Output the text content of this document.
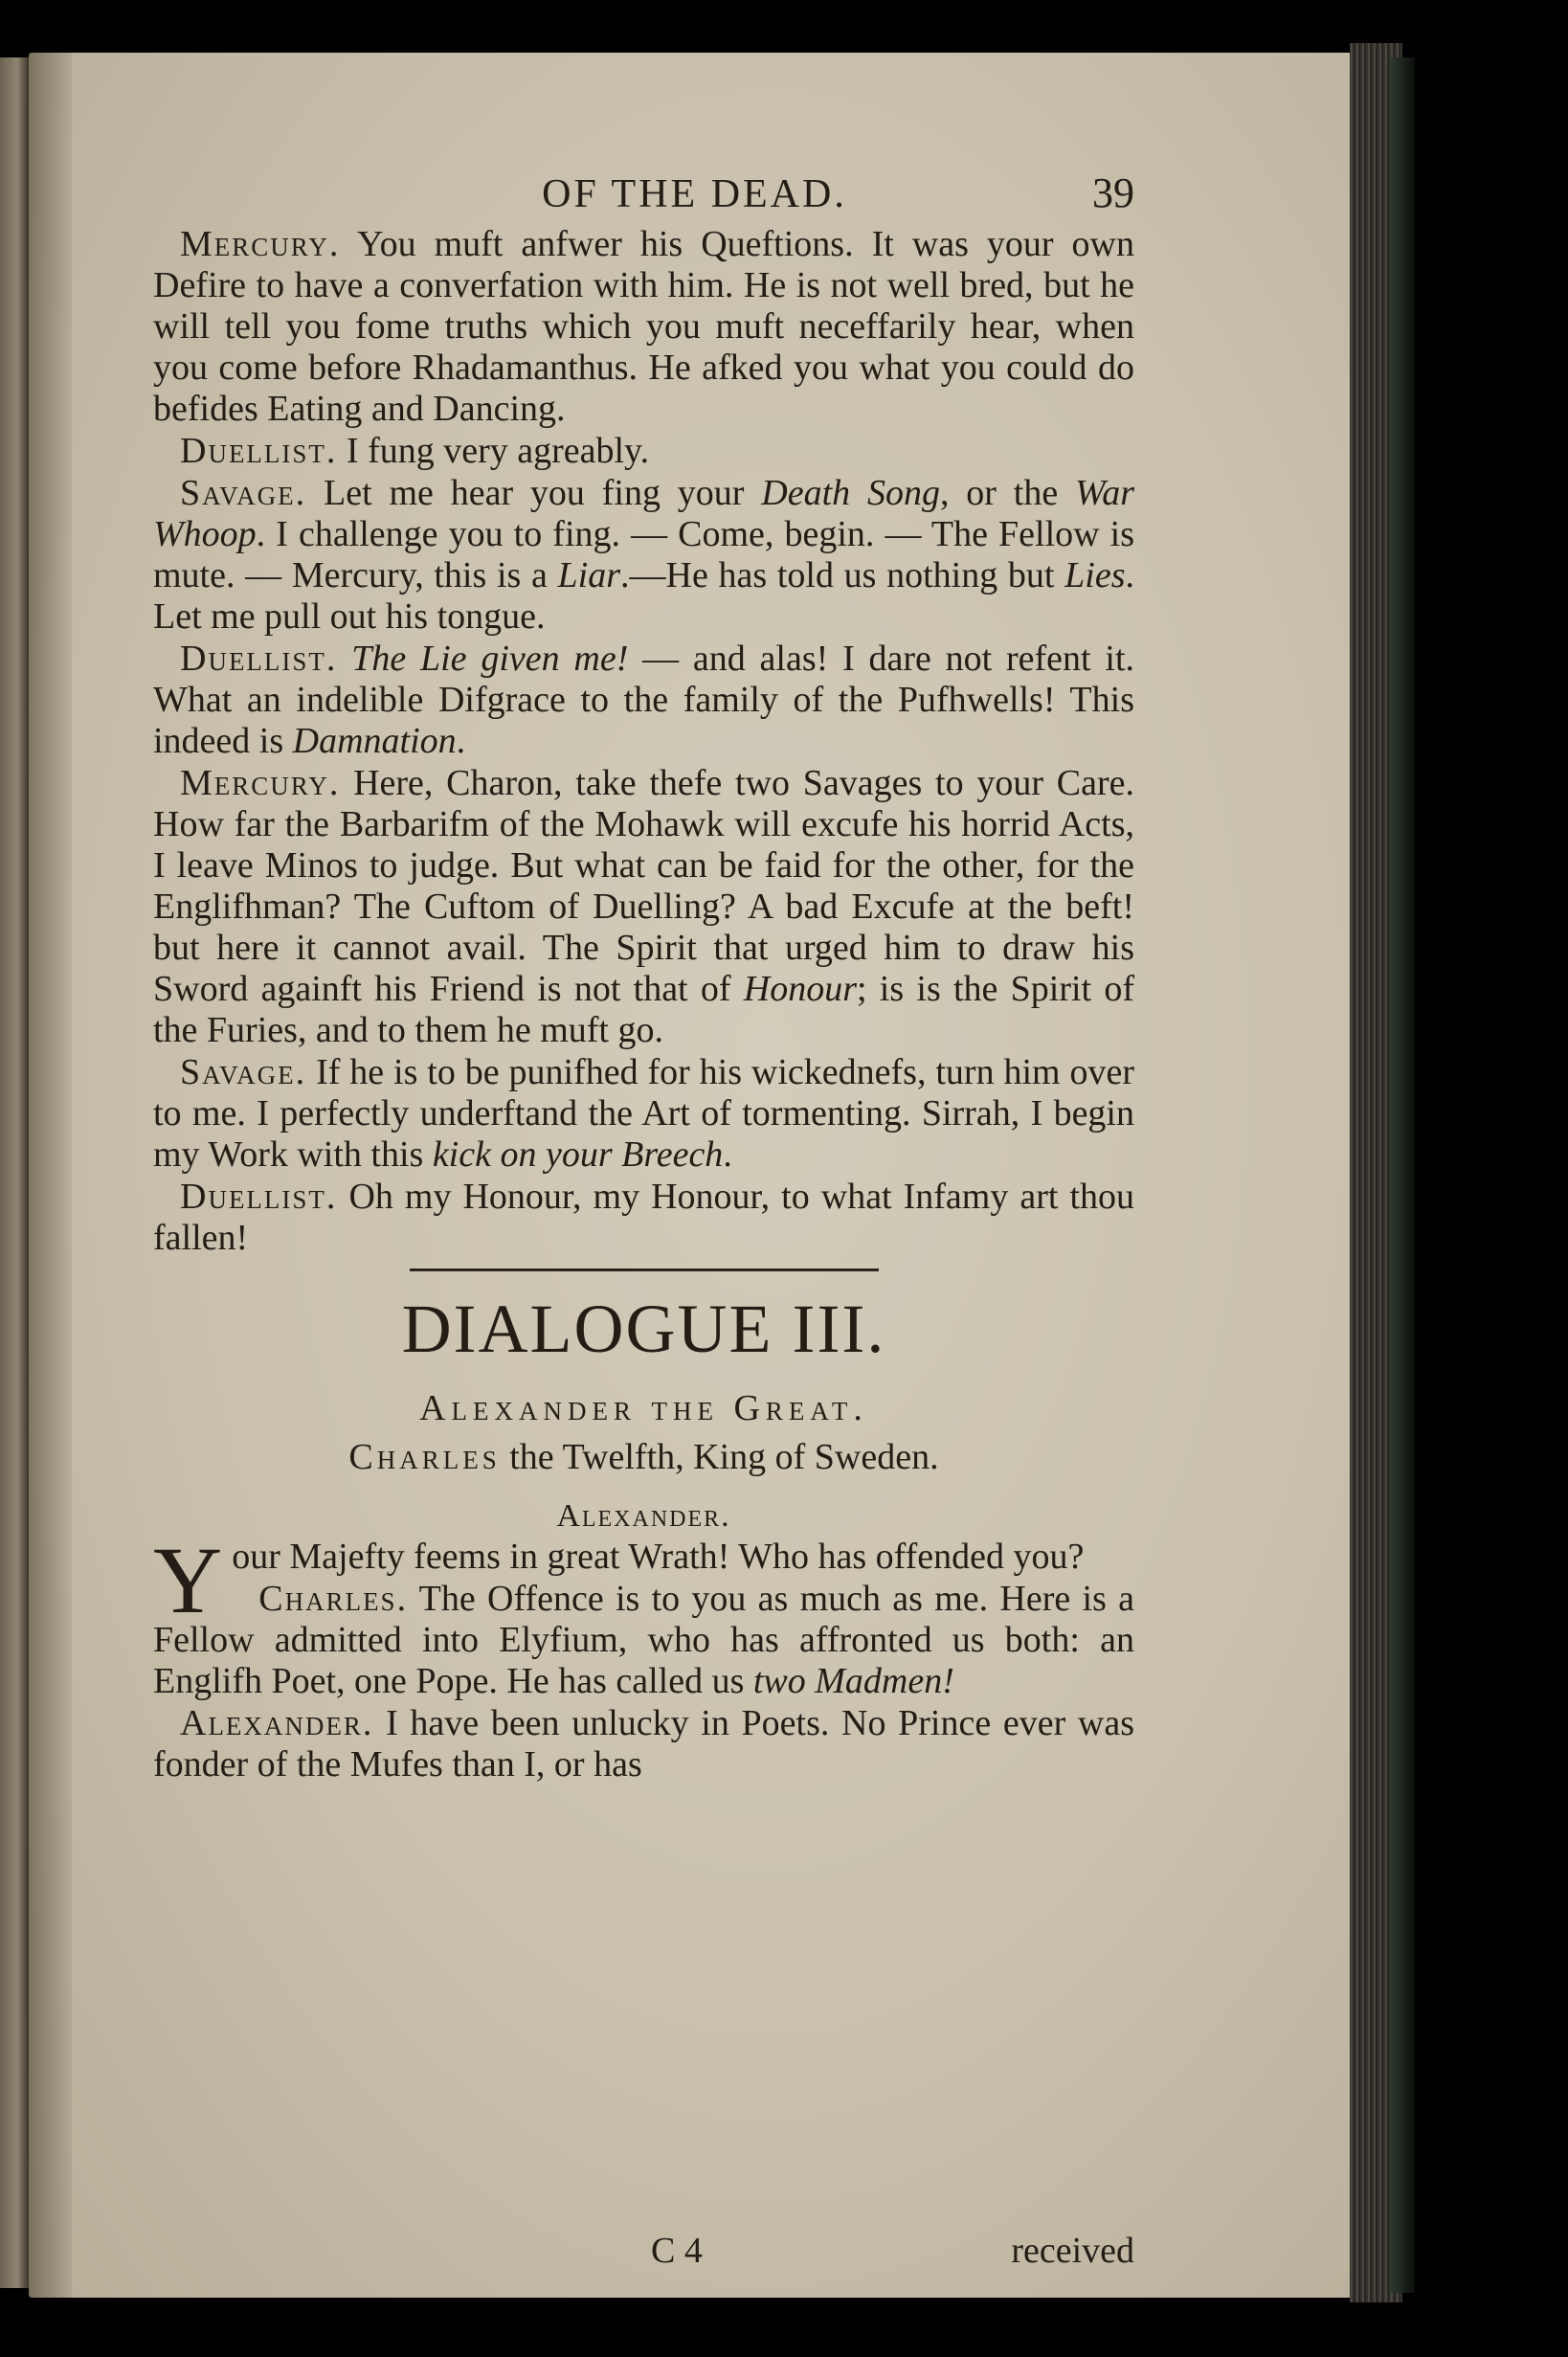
OF THE DEAD.	39

Mercury. You muft anfwer his Queftions. It was your own Defire to have a converfation with him. He is not well bred, but he will tell you fome truths which you muft neceffarily hear, when you come before Rhadamanthus. He afked you what you could do befides Eating and Dancing.

Duellist. I fung very agreably.

Savage. Let me hear you fing your Death Song, or the War Whoop. I challenge you to fing. — Come, begin. — The Fellow is mute. — Mercury, this is a Liar.—He has told us nothing but Lies. Let me pull out his tongue.

Duellist. The Lie given me! — and alas! I dare not refent it. What an indelible Difgrace to the family of the Pufhwells! This indeed is Damnation.

Mercury. Here, Charon, take thefe two Savages to your Care. How far the Barbarifm of the Mohawk will excufe his horrid Acts, I leave Minos to judge. But what can be faid for the other, for the Englifhman? The Cuftom of Duelling? A bad Excufe at the beft! but here it cannot avail. The Spirit that urged him to draw his Sword againft his Friend is not that of Honour; is is the Spirit of the Furies, and to them he muft go.

Savage. If he is to be punifhed for his wickednefs, turn him over to me. I perfectly underftand the Art of tormenting. Sirrah, I begin my Work with this kick on your Breech.

Duellist. Oh my Honour, my Honour, to what Infamy art thou fallen!

DIALOGUE III.
Alexander the Great.
Charles the Twelfth, King of Sweden.
Alexander.

Your Majefty feems in great Wrath! Who has offended you?

Charles. The Offence is to you as much as me. Here is a Fellow admitted into Elyfium, who has affronted us both: an Englifh Poet, one Pope. He has called us two Madmen!

Alexander. I have been unlucky in Poets. No Prince ever was fonder of the Mufes than I, or has

C 4	received
